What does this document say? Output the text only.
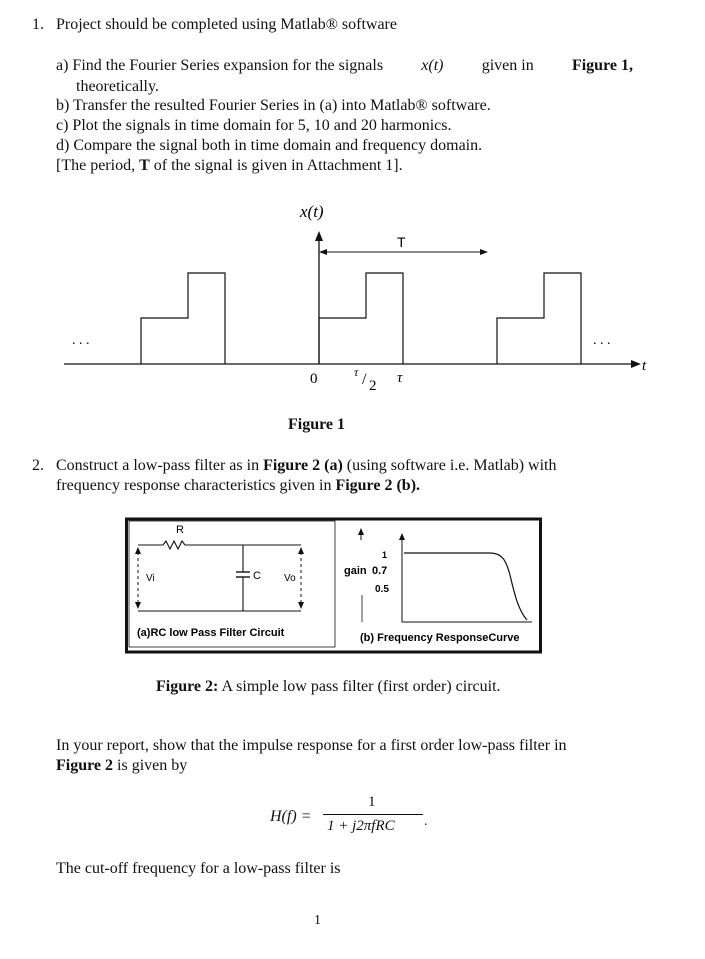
1. Project should be completed using Matlab® software
a) Find the Fourier Series expansion for the signals x(t) given in Figure 1,
theoretically.
b) Transfer the resulted Fourier Series in (a) into Matlab® software.
c) Plot the signals in time domain for 5, 10 and 20 harmonics.
d) Compare the signal both in time domain and frequency domain.
[The period, T of the signal is given in Attachment 1].
x(t)
T
. . .	. . .
0	τ / 2 τ
t
Figure 1
2. Construct a low-pass filter as in Figure 2 (a) (using software i.e. Matlab) with
frequency response characteristics given in Figure 2 (b).
R
C
Vi	Vo
(a)RC low Pass Filter Circuit
1
gain 0.7
0.5
(b) Frequency ResponseCurve
Figure 2: A simple low pass filter (first order) circuit.
In your report, show that the impulse response for a first order low-pass filter in
Figure 2 is given by
H(f) =
1
1 + j2πfRC .
The cut-off frequency for a low-pass filter is
1
